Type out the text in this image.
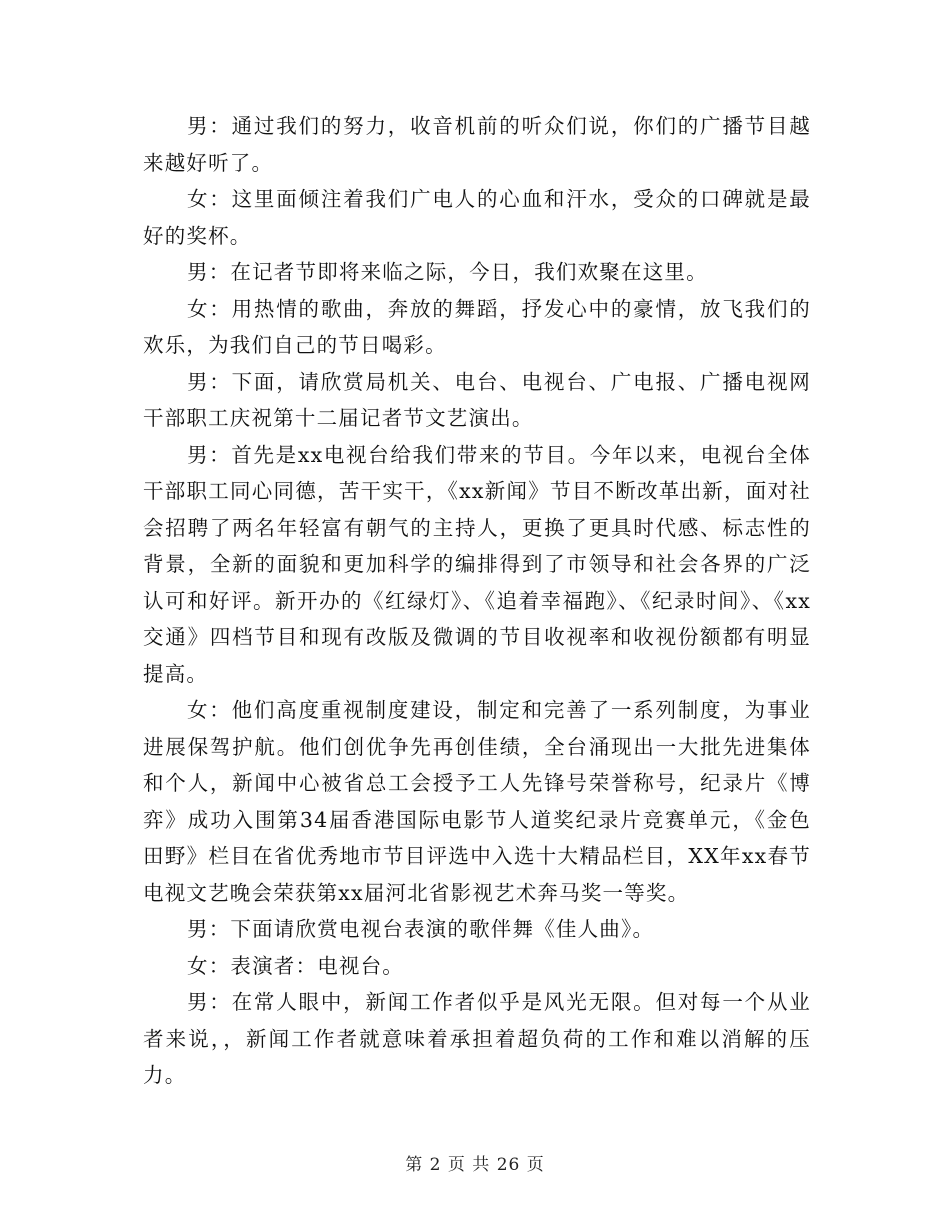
男：通过我们的努力，收音机前的听众们说，你们的广播节目越来越好听了。

女：这里面倾注着我们广电人的心血和汗水，受众的口碑就是最好的奖杯。

男：在记者节即将来临之际，今日，我们欢聚在这里。

女：用热情的歌曲，奔放的舞蹈，抒发心中的豪情，放飞我们的欢乐，为我们自己的节日喝彩。

男：下面，请欣赏局机关、电台、电视台、广电报、广播电视网干部职工庆祝第十二届记者节文艺演出。

男：首先是xx电视台给我们带来的节目。今年以来，电视台全体干部职工同心同德，苦干实干，《xx新闻》节目不断改革出新，面对社会招聘了两名年轻富有朝气的主持人，更换了更具时代感、标志性的背景，全新的面貌和更加科学的编排得到了市领导和社会各界的广泛认可和好评。新开办的《红绿灯》、《追着幸福跑》、《纪录时间》、《xx交通》四档节目和现有改版及微调的节目收视率和收视份额都有明显提高。

女：他们高度重视制度建设，制定和完善了一系列制度，为事业进展保驾护航。他们创优争先再创佳绩，全台涌现出一大批先进集体和个人，新闻中心被省总工会授予工人先锋号荣誉称号，纪录片《博弈》成功入围第34届香港国际电影节人道奖纪录片竞赛单元，《金色田野》栏目在省优秀地市节目评选中入选十大精品栏目，XX年xx春节电视文艺晚会荣获第xx届河北省影视艺术奔马奖一等奖。

男：下面请欣赏电视台表演的歌伴舞《佳人曲》。

女：表演者：电视台。

男：在常人眼中，新闻工作者似乎是风光无限。但对每一个从业者来说，，新闻工作者就意味着承担着超负荷的工作和难以消解的压力。

第 2 页 共 26 页
